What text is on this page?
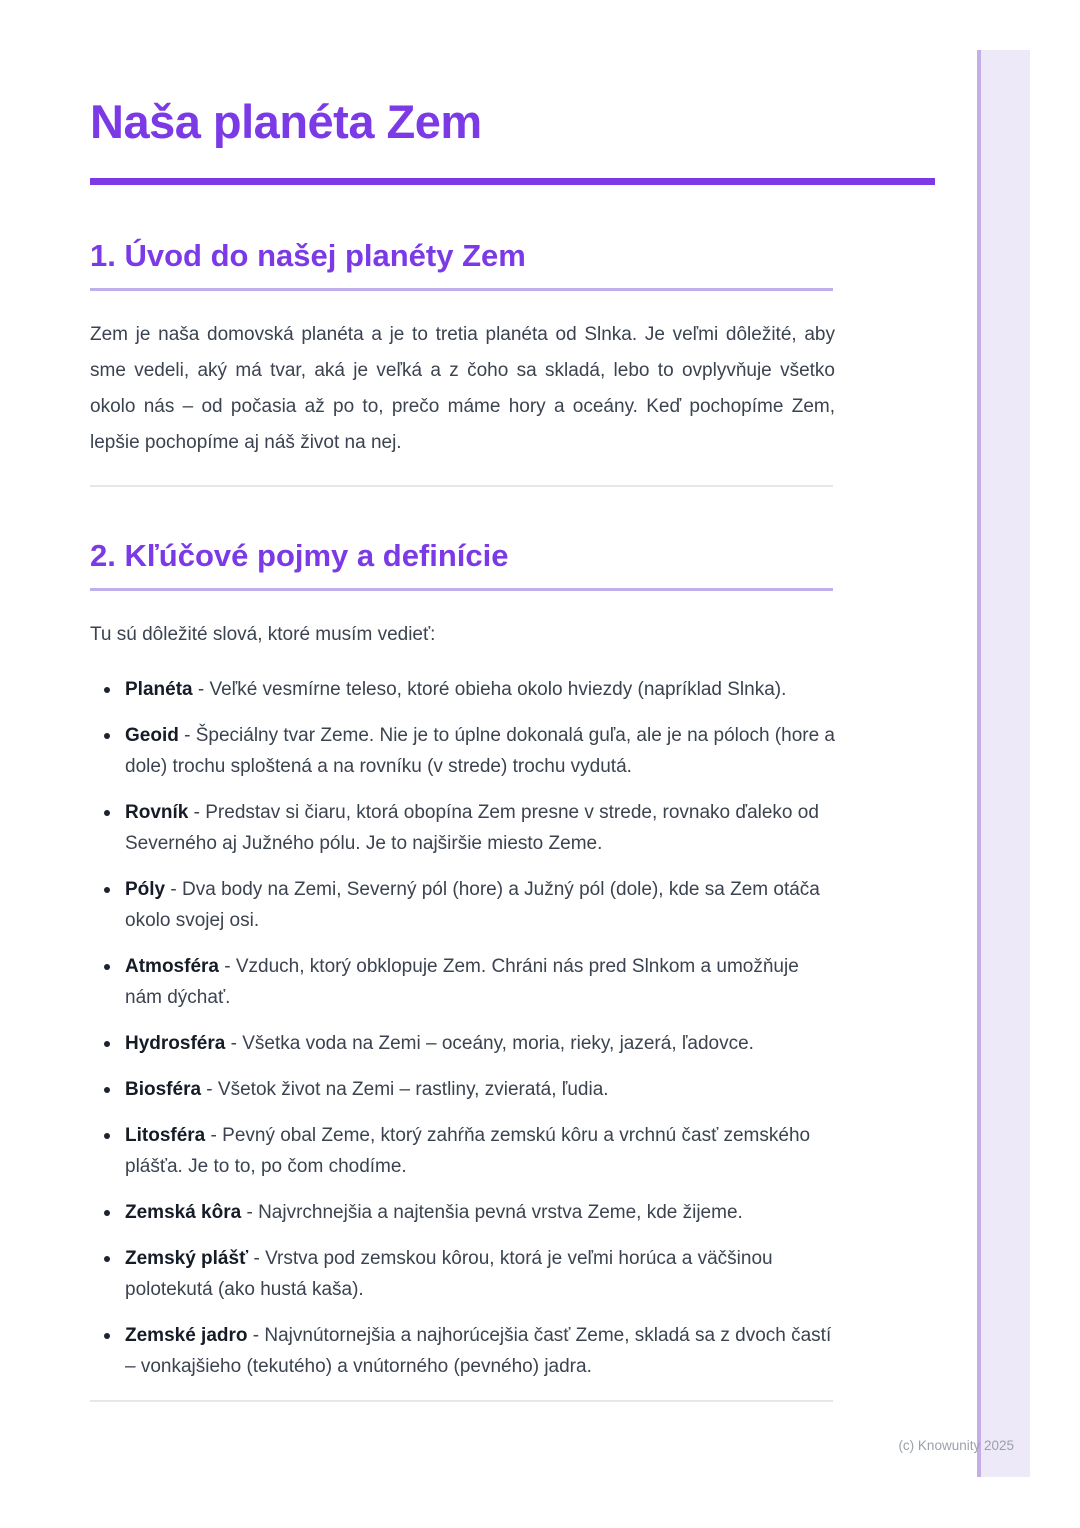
Naša planéta Zem
1. Úvod do našej planéty Zem

Zem je naša domovská planéta a je to tretia planéta od Slnka. Je veľmi dôležité, aby sme vedeli, aký má tvar, aká je veľká a z čoho sa skladá, lebo to ovplyvňuje všetko okolo nás – od počasia až po to, prečo máme hory a oceány. Keď pochopíme Zem, lepšie pochopíme aj náš život na nej.

2. Kľúčové pojmy a definície

Tu sú dôležité slová, ktoré musím vedieť:

Planéta - Veľké vesmírne teleso, ktoré obieha okolo hviezdy (napríklad Slnka).
Geoid - Špeciálny tvar Zeme. Nie je to úplne dokonalá guľa, ale je na póloch (hore a dole) trochu sploštená a na rovníku (v strede) trochu vydutá.
Rovník - Predstav si čiaru, ktorá obopína Zem presne v strede, rovnako ďaleko od Severného aj Južného pólu. Je to najširšie miesto Zeme.
Póly - Dva body na Zemi, Severný pól (hore) a Južný pól (dole), kde sa Zem otáča okolo svojej osi.
Atmosféra - Vzduch, ktorý obklopuje Zem. Chráni nás pred Slnkom a umožňuje nám dýchať.
Hydrosféra - Všetka voda na Zemi – oceány, moria, rieky, jazerá, ľadovce.
Biosféra - Všetok život na Zemi – rastliny, zvieratá, ľudia.
Litosféra - Pevný obal Zeme, ktorý zahŕňa zemskú kôru a vrchnú časť zemského plášťa. Je to to, po čom chodíme.
Zemská kôra - Najvrchnejšia a najtenšia pevná vrstva Zeme, kde žijeme.
Zemský plášť - Vrstva pod zemskou kôrou, ktorá je veľmi horúca a väčšinou polotekutá (ako hustá kaša).
Zemské jadro - Najvnútornejšia a najhorúcejšia časť Zeme, skladá sa z dvoch častí – vonkajšieho (tekutého) a vnútorného (pevného) jadra.
(c) Knowunity 2025
